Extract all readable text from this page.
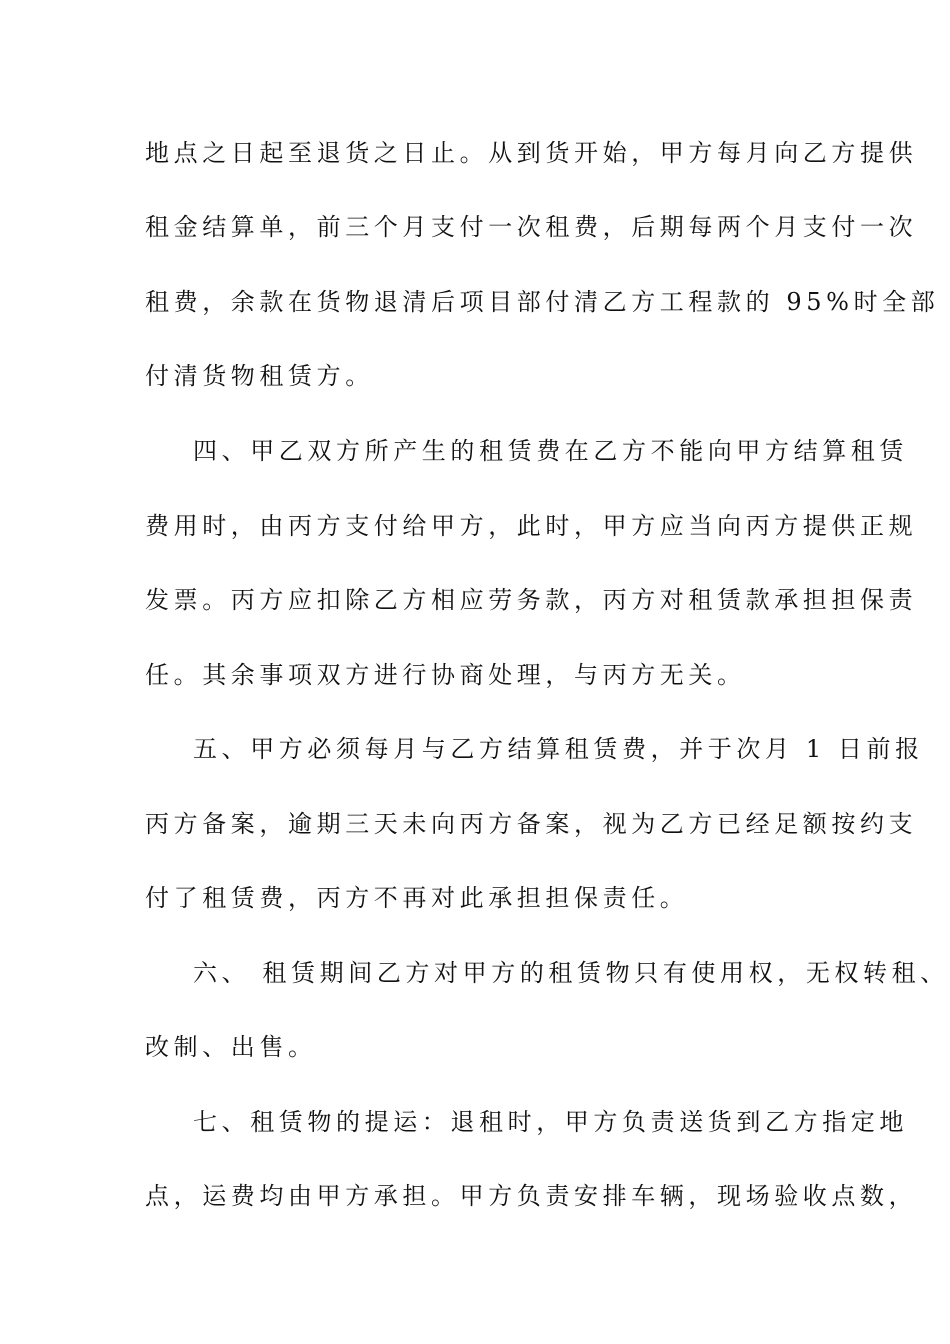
地点之日起至退货之日止。从到货开始，甲方每月向乙方提供
租金结算单，前三个月支付一次租费，后期每两个月支付一次
租费，余款在货物退清后项目部付清乙方工程款的 95%时全部
付清货物租赁方。
四、甲乙双方所产生的租赁费在乙方不能向甲方结算租赁
费用时，由丙方支付给甲方，此时，甲方应当向丙方提供正规
发票。丙方应扣除乙方相应劳务款，丙方对租赁款承担担保责
任。其余事项双方进行协商处理，与丙方无关。
五、甲方必须每月与乙方结算租赁费，并于次月 1 日前报
丙方备案，逾期三天未向丙方备案，视为乙方已经足额按约支
付了租赁费，丙方不再对此承担担保责任。
六、 租赁期间乙方对甲方的租赁物只有使用权，无权转租、
改制、出售。
七、租赁物的提运：退租时，甲方负责送货到乙方指定地
点，运费均由甲方承担。甲方负责安排车辆，现场验收点数，
